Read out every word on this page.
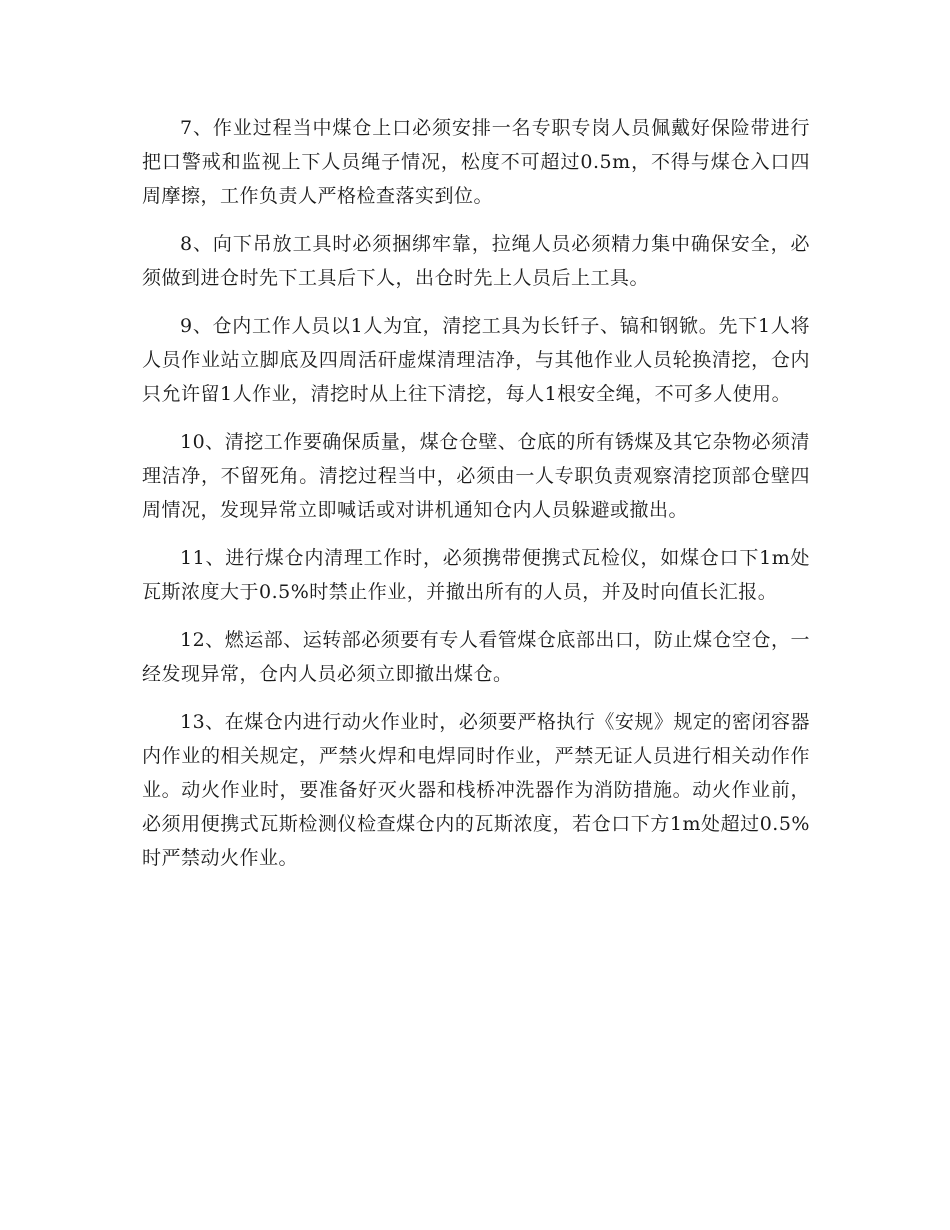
7、作业过程当中煤仓上口必须安排一名专职专岗人员佩戴好保险带进行把口警戒和监视上下人员绳子情况，松度不可超过0.5m，不得与煤仓入口四周摩擦，工作负责人严格检查落实到位。

8、向下吊放工具时必须捆绑牢靠，拉绳人员必须精力集中确保安全，必须做到进仓时先下工具后下人，出仓时先上人员后上工具。

9、仓内工作人员以1人为宜，清挖工具为长钎子、镐和钢锨。先下1人将人员作业站立脚底及四周活矸虚煤清理洁净，与其他作业人员轮换清挖，仓内只允许留1人作业，清挖时从上往下清挖，每人1根安全绳，不可多人使用。

10、清挖工作要确保质量，煤仓仓壁、仓底的所有锈煤及其它杂物必须清理洁净，不留死角。清挖过程当中，必须由一人专职负责观察清挖顶部仓壁四周情况，发现异常立即喊话或对讲机通知仓内人员躲避或撤出。

11、进行煤仓内清理工作时，必须携带便携式瓦检仪，如煤仓口下1m处瓦斯浓度大于0.5%时禁止作业，并撤出所有的人员，并及时向值长汇报。

12、燃运部、运转部必须要有专人看管煤仓底部出口，防止煤仓空仓，一经发现异常，仓内人员必须立即撤出煤仓。

13、在煤仓内进行动火作业时，必须要严格执行《安规》规定的密闭容器内作业的相关规定，严禁火焊和电焊同时作业，严禁无证人员进行相关动作作业。动火作业时，要准备好灭火器和栈桥冲洗器作为消防措施。动火作业前，必须用便携式瓦斯检测仪检查煤仓内的瓦斯浓度，若仓口下方1m处超过0.5%时严禁动火作业。
